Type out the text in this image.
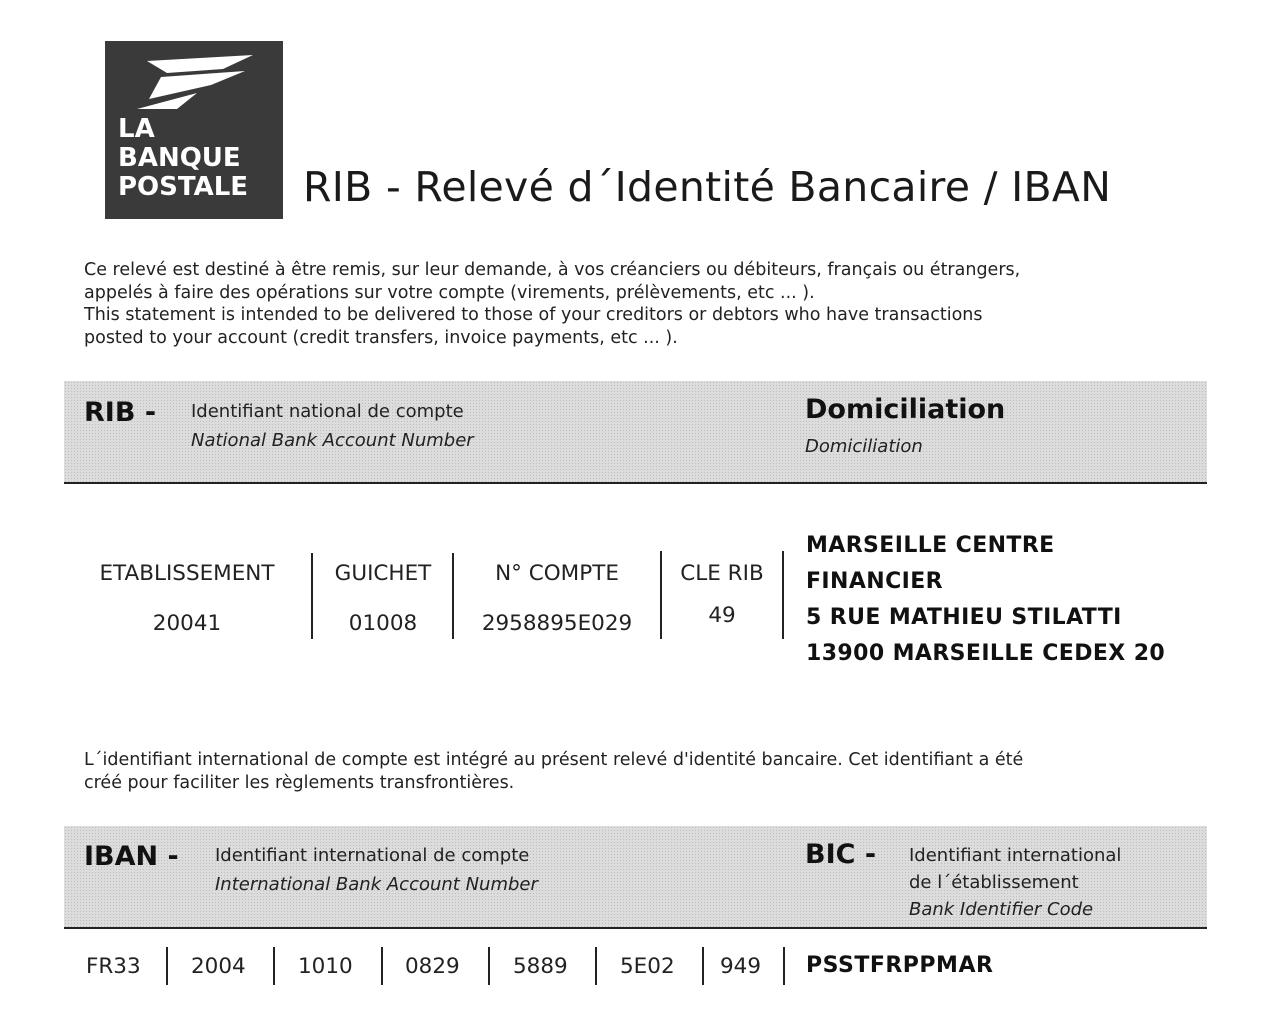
LA
BANQUE
POSTALE RIB - Relevé d´Identité Bancaire / IBAN
Ce relevé est destiné à être remis, sur leur demande, à vos créanciers ou débiteurs, français ou étrangers,
appelés à faire des opérations sur votre compte (virements, prélèvements, etc ... ).
This statement is intended to be delivered to those of your creditors or debtors who have transactions
posted to your account (credit transfers, invoice payments, etc ... ).
RIB - Identifiant national de compte
National Bank Account Number
Domiciliation
Domiciliation
ETABLISSEMENT
20041
GUICHET
01008
N° COMPTE
2958895E029
CLE RIB
49
MARSEILLE CENTRE
FINANCIER
5 RUE MATHIEU STILATTI
13900 MARSEILLE CEDEX 20
L´identifiant international de compte est intégré au présent relevé d'identité bancaire. Cet identifiant a été
créé pour faciliter les règlements transfrontières.
IBAN - Identifiant international de compte
International Bank Account Number
BIC - Identifiant international
de l´établissement
Bank Identifier Code
FR33 2004 1010 0829 5889 5E02 949 PSSTFRPPMAR
